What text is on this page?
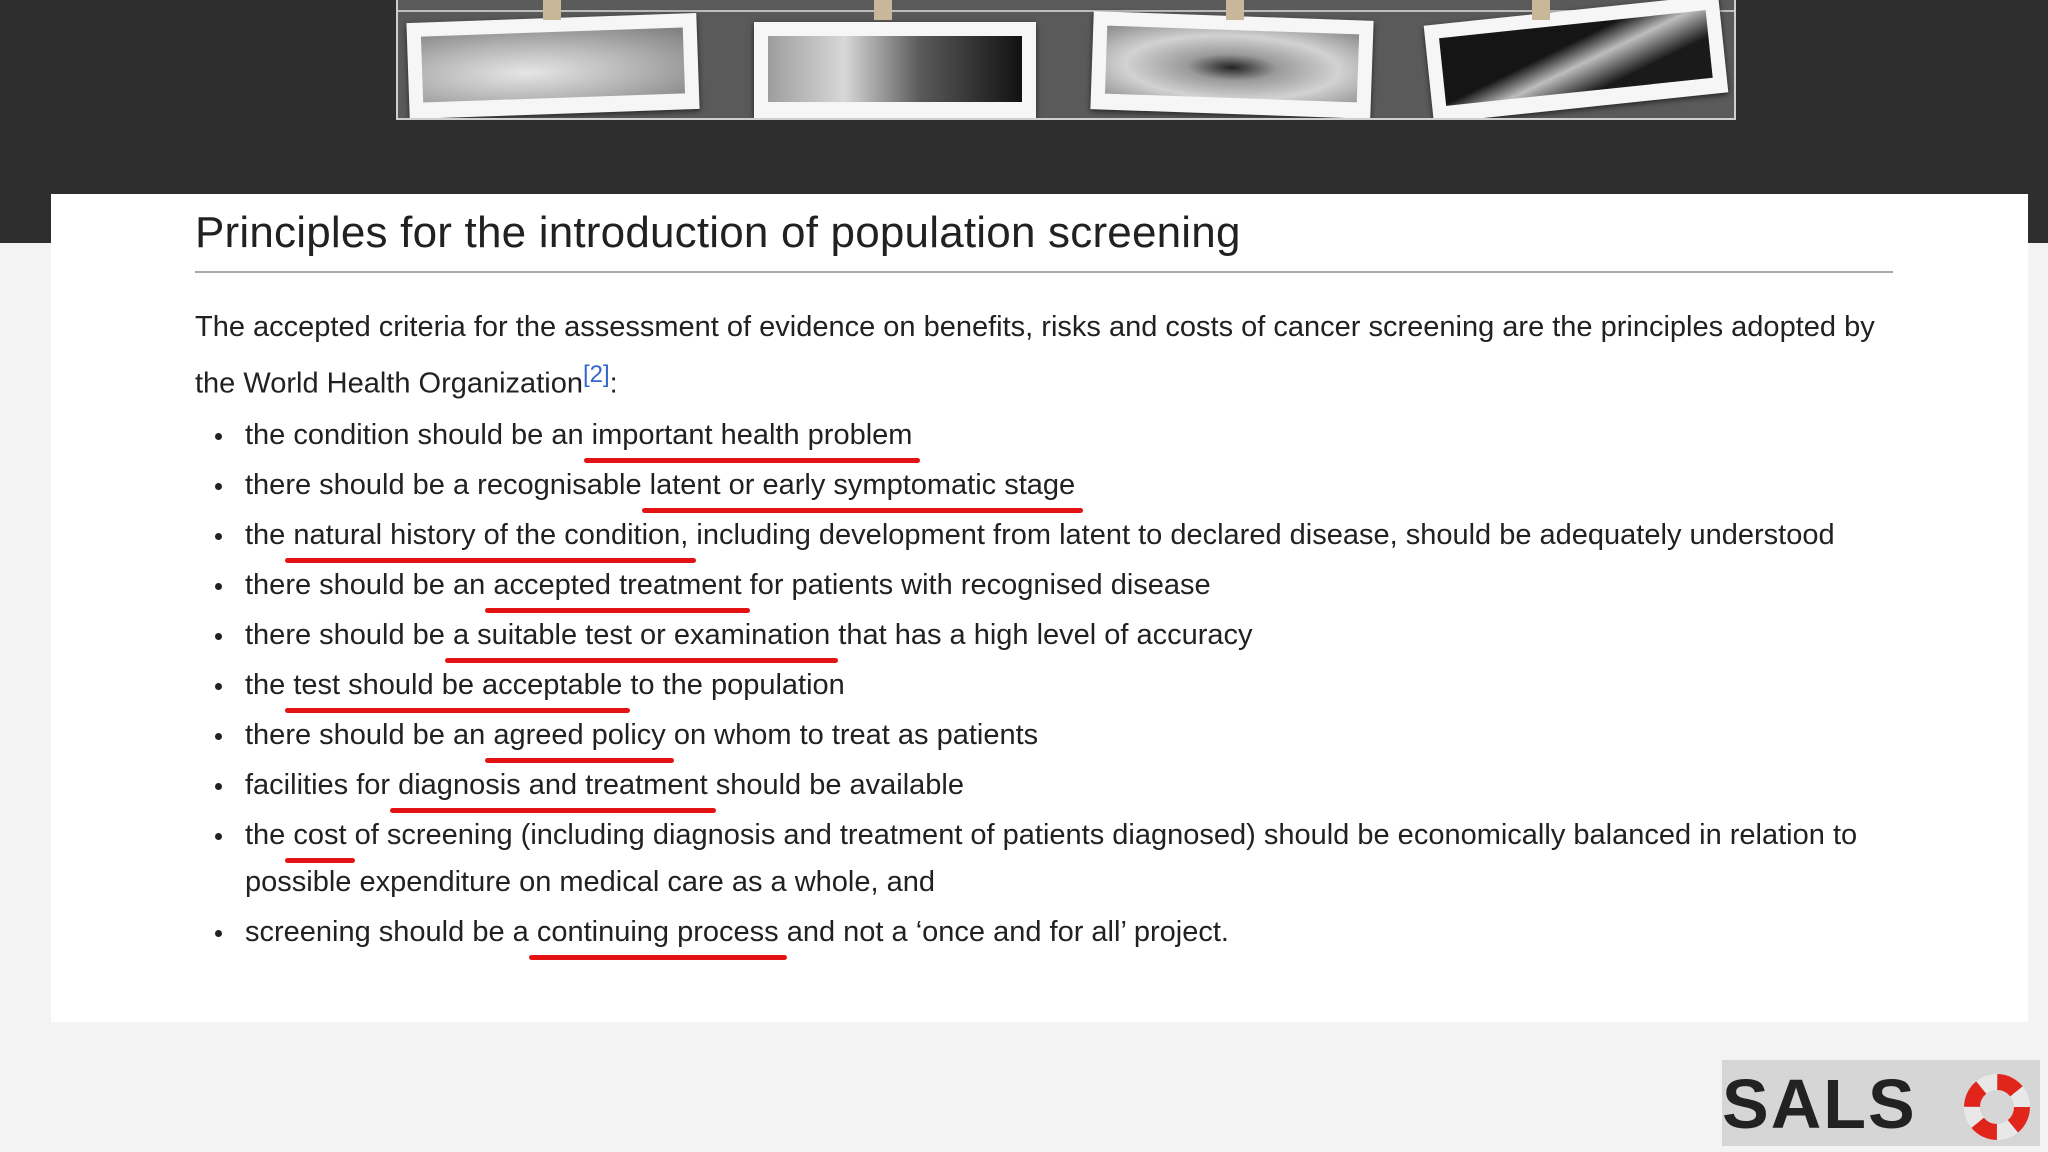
Principles for the introduction of population screening

The accepted criteria for the assessment of evidence on benefits, risks and costs of cancer screening are the principles adopted by the World Health Organization[2]:

the condition should be an important health problem
there should be a recognisable latent or early symptomatic stage
the natural history of the condition, including development from latent to declared disease, should be adequately understood
there should be an accepted treatment for patients with recognised disease
there should be a suitable test or examination that has a high level of accuracy
the test should be acceptable to the population
there should be an agreed policy on whom to treat as patients
facilities for diagnosis and treatment should be available
the cost of screening (including diagnosis and treatment of patients diagnosed) should be economically balanced in relation to possible expenditure on medical care as a whole, and
screening should be a continuing process and not a ‘once and for all’ project.
SALS
